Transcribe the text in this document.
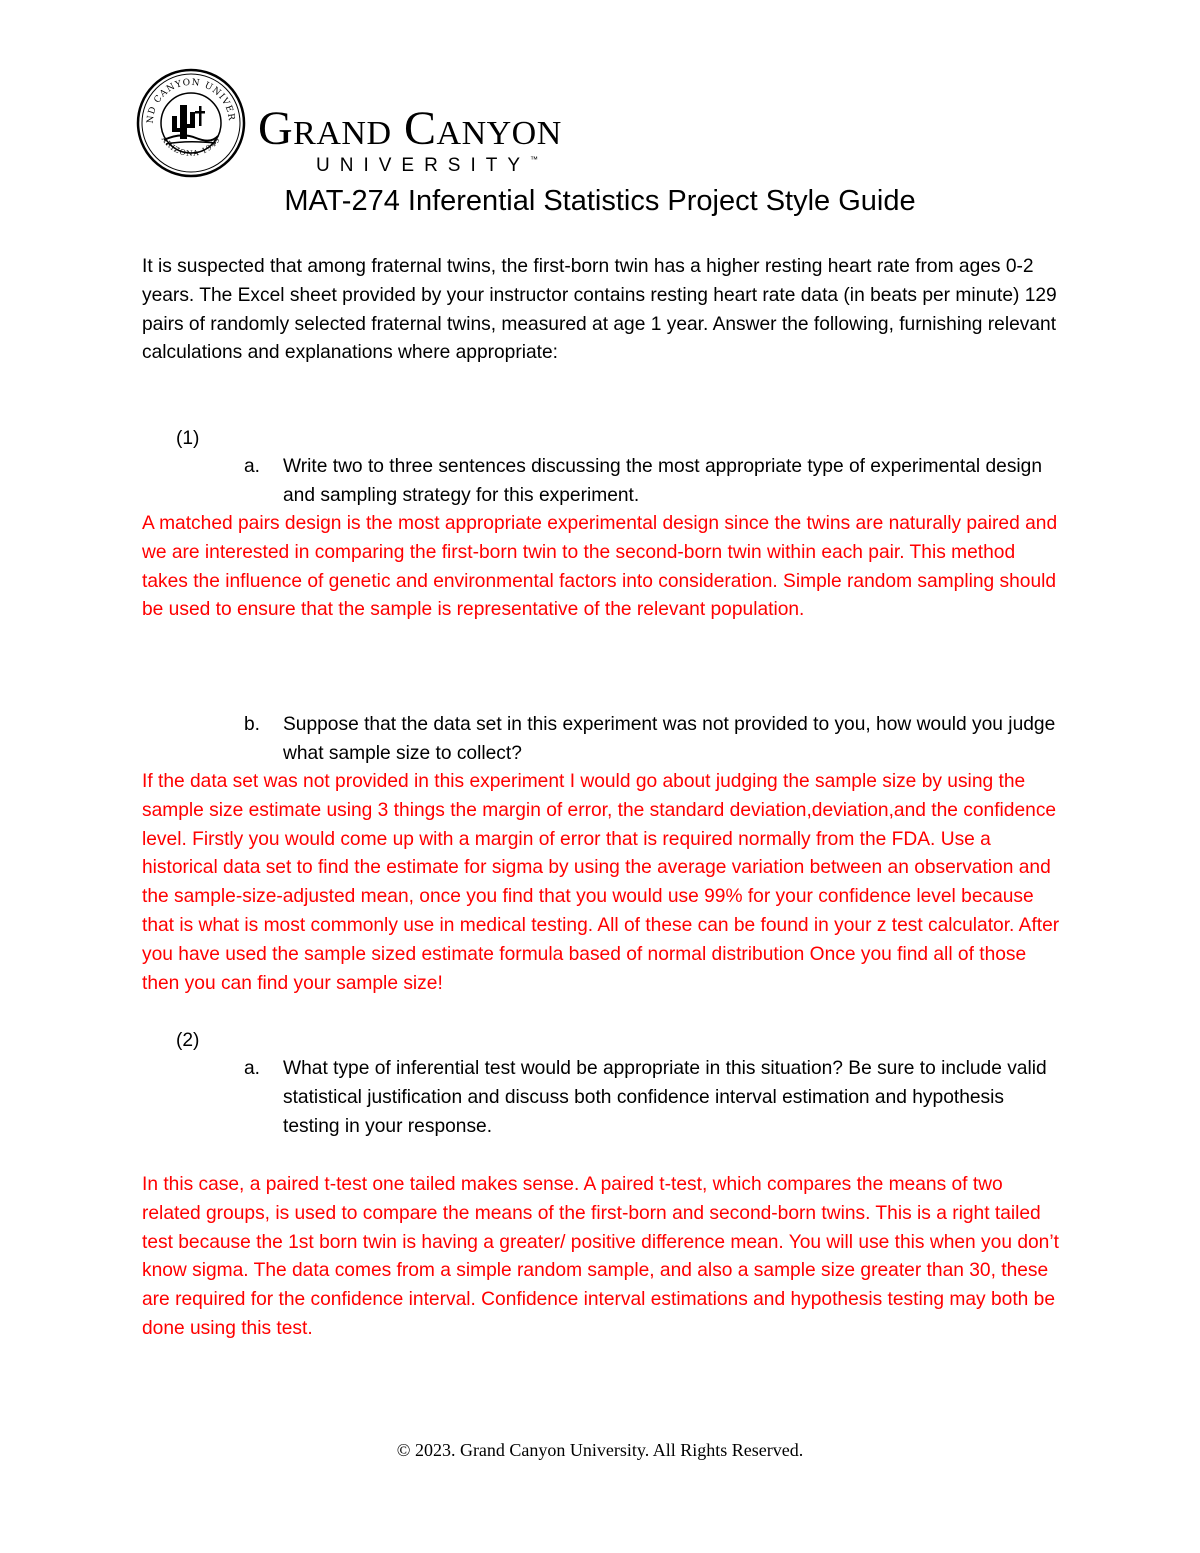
ND CANYON UNIVER
ARIZONA 1949 Grand Canyon
UNIVERSITY™
MAT-274 Inferential Statistics Project Style Guide
It is suspected that among fraternal twins, the first-born twin has a higher resting heart rate from ages 0-2 years. The Excel sheet provided by your instructor contains resting heart rate data (in beats per minute) 129 pairs of randomly selected fraternal twins, measured at age 1 year. Answer the following, furnishing relevant calculations and explanations where appropriate:
(1)
a. Write two to three sentences discussing the most appropriate type of experimental design and sampling strategy for this experiment.
A matched pairs design is the most appropriate experimental design since the twins are naturally paired and we are interested in comparing the first-born twin to the second-born twin within each pair. This method takes the influence of genetic and environmental factors into consideration. Simple random sampling should be used to ensure that the sample is representative of the relevant population.
b. Suppose that the data set in this experiment was not provided to you, how would you judge what sample size to collect?
If the data set was not provided in this experiment I would go about judging the sample size by using the sample size estimate using 3 things the margin of error, the standard deviation,deviation,and the confidence level. Firstly you would come up with a margin of error that is required normally from the FDA. Use a historical data set to find the estimate for sigma by using the average variation between an observation and the sample-size-adjusted mean, once you find that you would use 99% for your confidence level because that is what is most commonly use in medical testing. All of these can be found in your z test calculator. After you have used the sample sized estimate formula based of normal distribution Once you find all of those then you can find your sample size!
(2)
a. What type of inferential test would be appropriate in this situation? Be sure to include valid statistical justification and discuss both confidence interval estimation and hypothesis testing in your response.
In this case, a paired t-test one tailed makes sense. A paired t-test, which compares the means of two related groups, is used to compare the means of the first-born and second-born twins. This is a right tailed test because the 1st born twin is having a greater/ positive difference mean. You will use this when you don’t know sigma. The data comes from a simple random sample, and also a sample size greater than 30, these are required for the confidence interval. Confidence interval estimations and hypothesis testing may both be done using this test.
© 2023. Grand Canyon University. All Rights Reserved.
